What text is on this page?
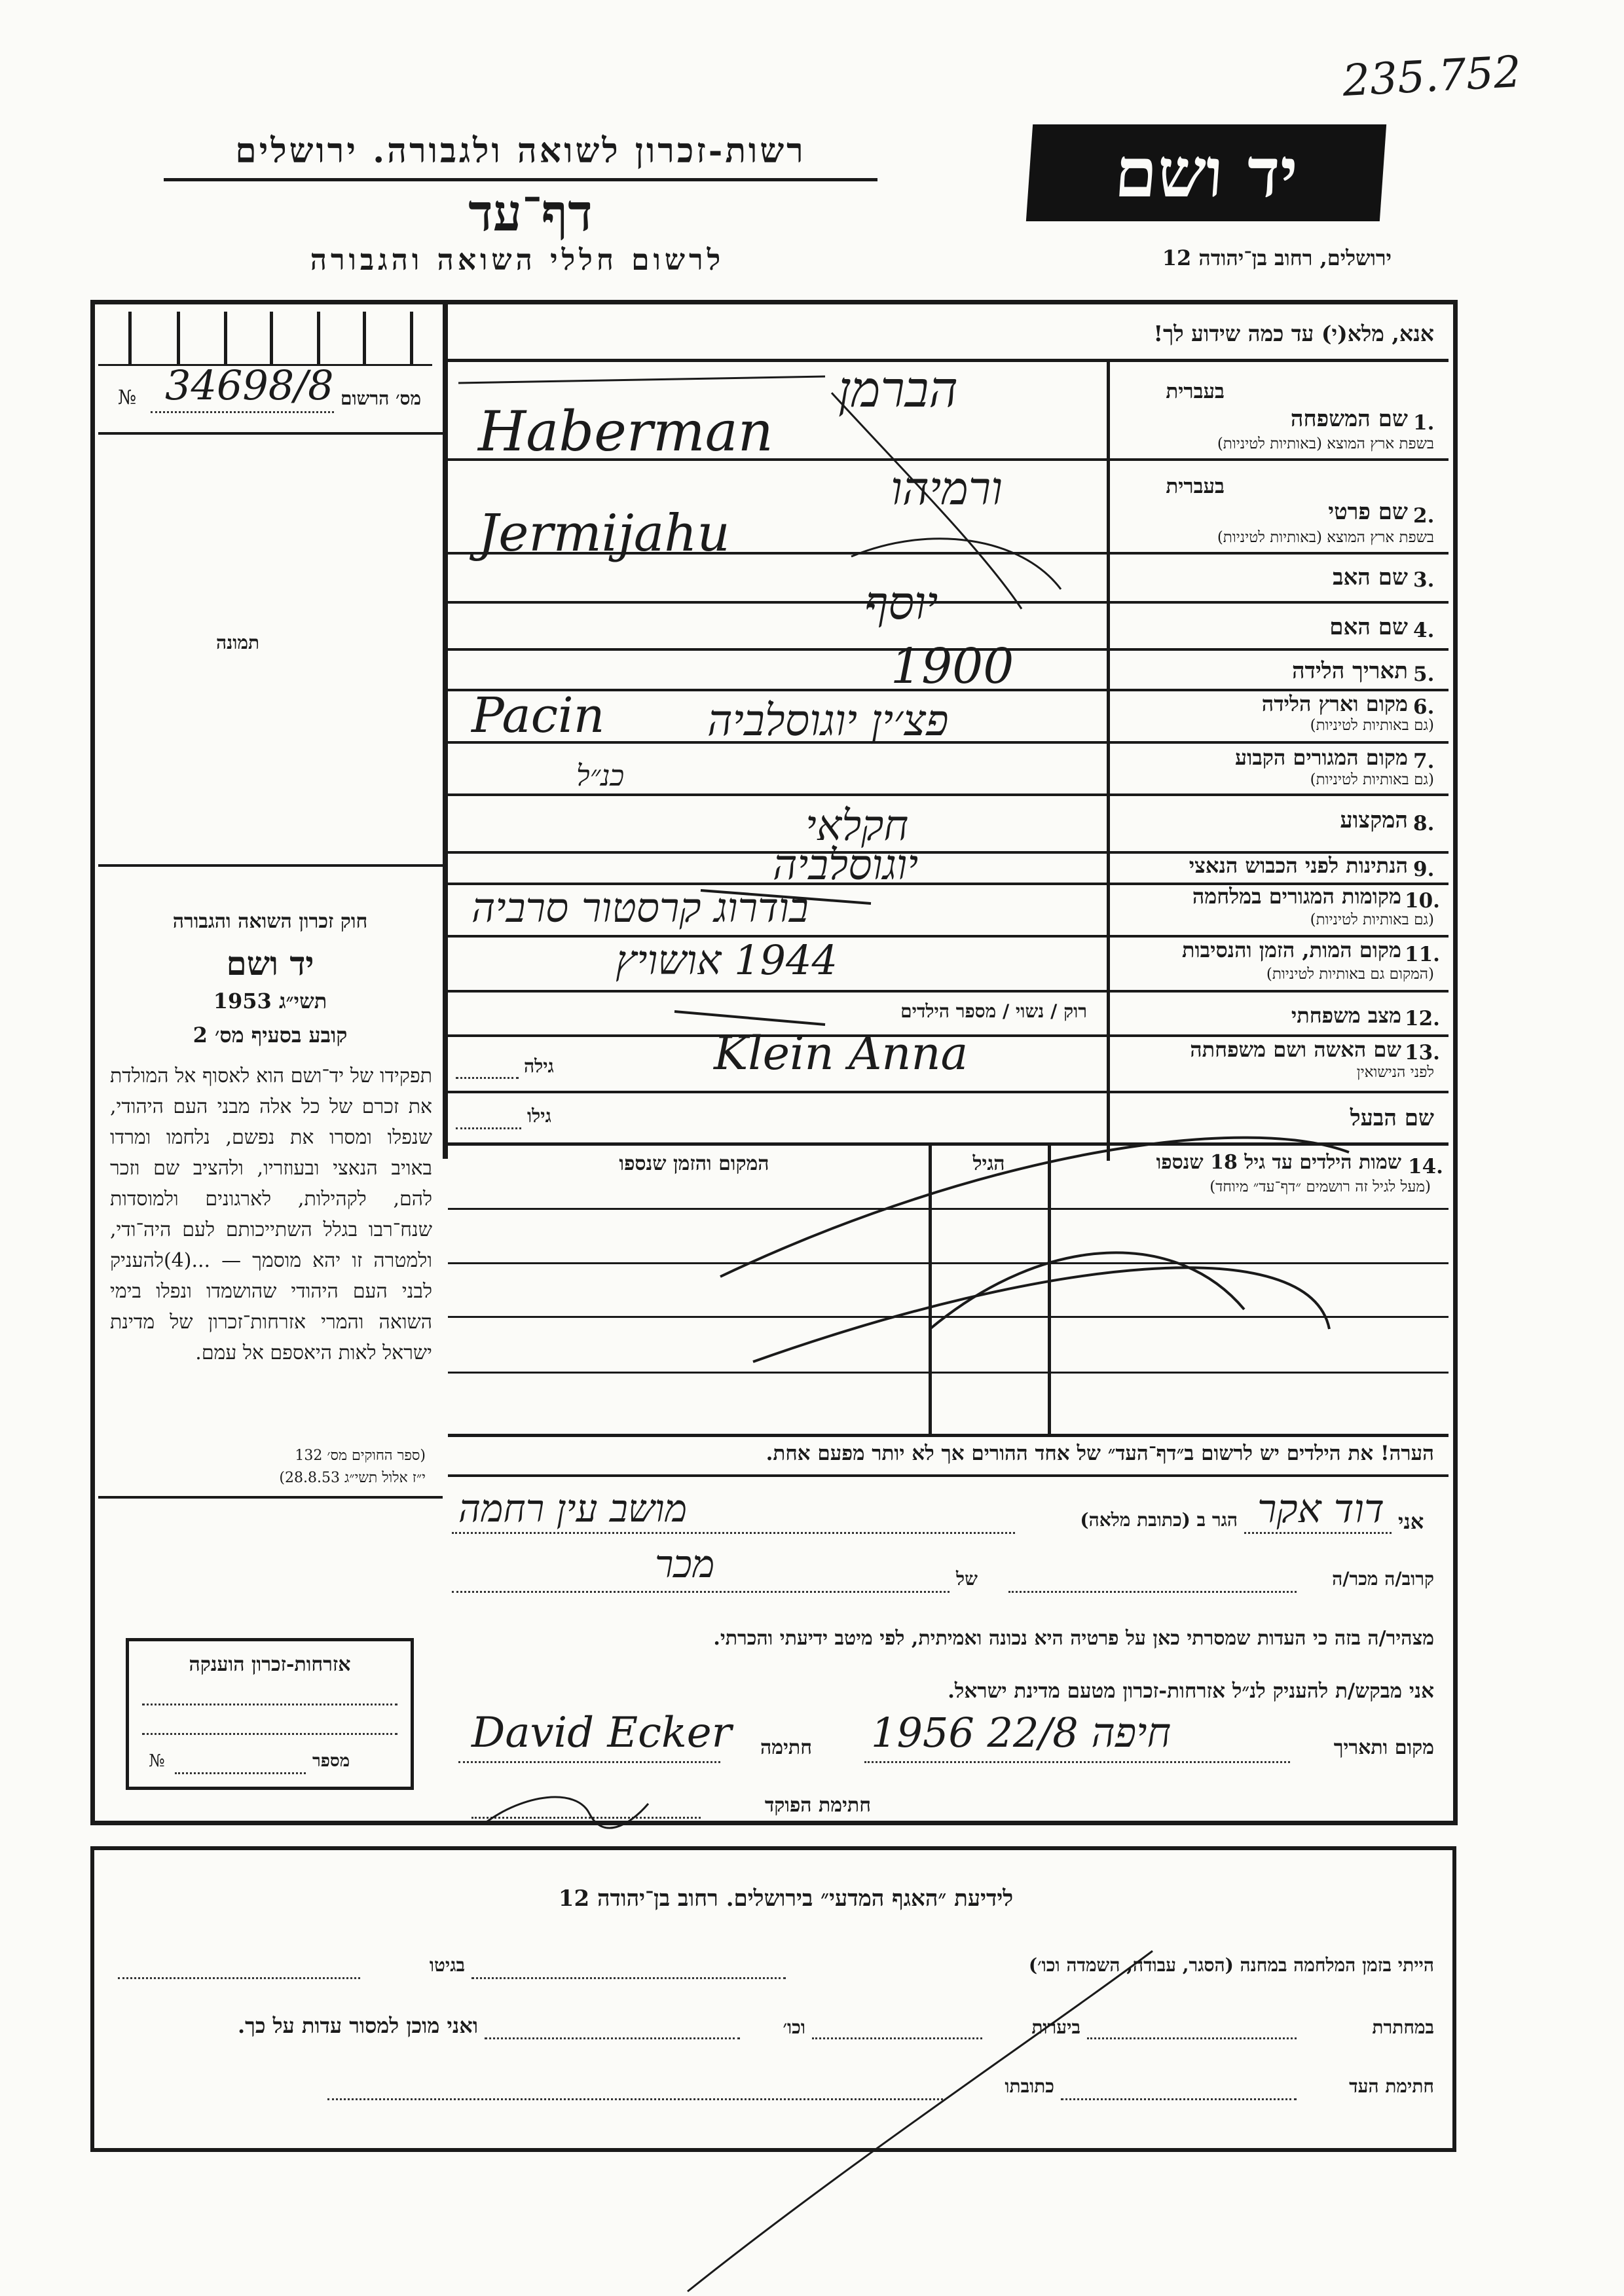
235.752
רשות-זכרון לשואה ולגבורה. ירושלים
דף־עד
לרשום חללי השואה והגבורה
יד ושם
ירושלים, רחוב בן־יהודה 12
אנא, מלא(י) עד כמה שידוע לך!
מס׳ הרשום
№ 34698/8
תמונה
בעברית
1.
שם המשפחה
בשפת ארץ המוצא (באותיות לטיניות)
הברמן
Haberman
בעברית
2.
שם פרטי
בשפת ארץ המוצא (באותיות לטיניות)
ורמיהו
Jermijahu
3.
שם האב
יוסף
4.
שם האם
5.
תאריך הלידה
1900
6.
מקום וארץ הלידה
(גם באותיות לטיניות)
Pacin פצ׳ין יוגוסלביה
7.
מקום המגורים הקבוע
(גם באותיות לטיניות)
כנ״ל
8.
המקצוע
חקלאי
9.
הנתינות לפני הכבוש הנאצי
יוגוסלביה
10.
מקומות המגורים במלחמה
(גם באותיות לטיניות)
בודרוג קרסטור סרביה
11.
מקום המות, הזמן והנסיבות
(המקום גם באותיות לטיניות)
1944 אושויץ
12.
מצב משפחתי
רוק / נשוי / מספר הילדים
13.
שם האשה ושם משפחתה
לפני הנישואין
גילה	Klein Anna
שם הבעל
גילו
14.
שמות הילדים עד גיל 18 שנספו
(מעל לגיל זה רושמים ״דף־עד״ מיוחד)
הגיל
המקום והזמן שנספו
חוק זכרון השואה והגבורה
יד ושם
תשי״ג 1953
קובע בסעיף מס׳ 2
תפקידו של יד־ושם הוא לאסוף אל המולדת את זכרם של כל אלה מבני העם היהודי, שנפלו ומסרו את נפשם, נלחמו ומרדו באויב הנאצי ובעוזריו, ולהציב שם וזכר להם, לקהילות, לארגונים ולמוסדות שנח־רבו בגלל השתייכותם לעם היה־ודי, ולמטרה זו יהא מוסמך — ...(4)להעניק לבני העם היהודי שהושמדו ונפלו בימי השואה והמרי אזרחות־זכרון של מדינת ישראל לאות היאספם אל עמם.
(ספר החוקים מס׳ 132
י״ז אלול תשי״ג 28.8.53)
הערה! את הילדים יש לרשום ב״דף־העד״ של אחד ההורים אך לא יותר מפעם אחת.
אני
דוד אקר
הגר ב (כתובת מלאה)
מושב עין רחמה
קרוב/ה מכר/ה
של
מכר
מצהיר/ה בזה כי העדות שמסרתי כאן על פרטיה היא נכונה ואמיתית, לפי מיטב ידיעתי והכרתי.
אני מבקש/ת להעניק לנ״ל אזרחות-זכרון מטעם מדינת ישראל.
מקום ותאריך
חיפה 22/8 1956
חתימה
David Ecker
חתימת הפוקד
אזרחות-זכרון הוענקה
מספר
№
לידיעת ״האגף המדעי״ בירושלים. רחוב בן־יהודה 12
הייתי בזמן המלחמה במחנה (הסגר, עבודה, השמדה וכו׳)
בגיטו
במחתרת
ביערות
וכו׳
ואני מוכן למסור עדות על כך.
חתימת העד
כתובתו
